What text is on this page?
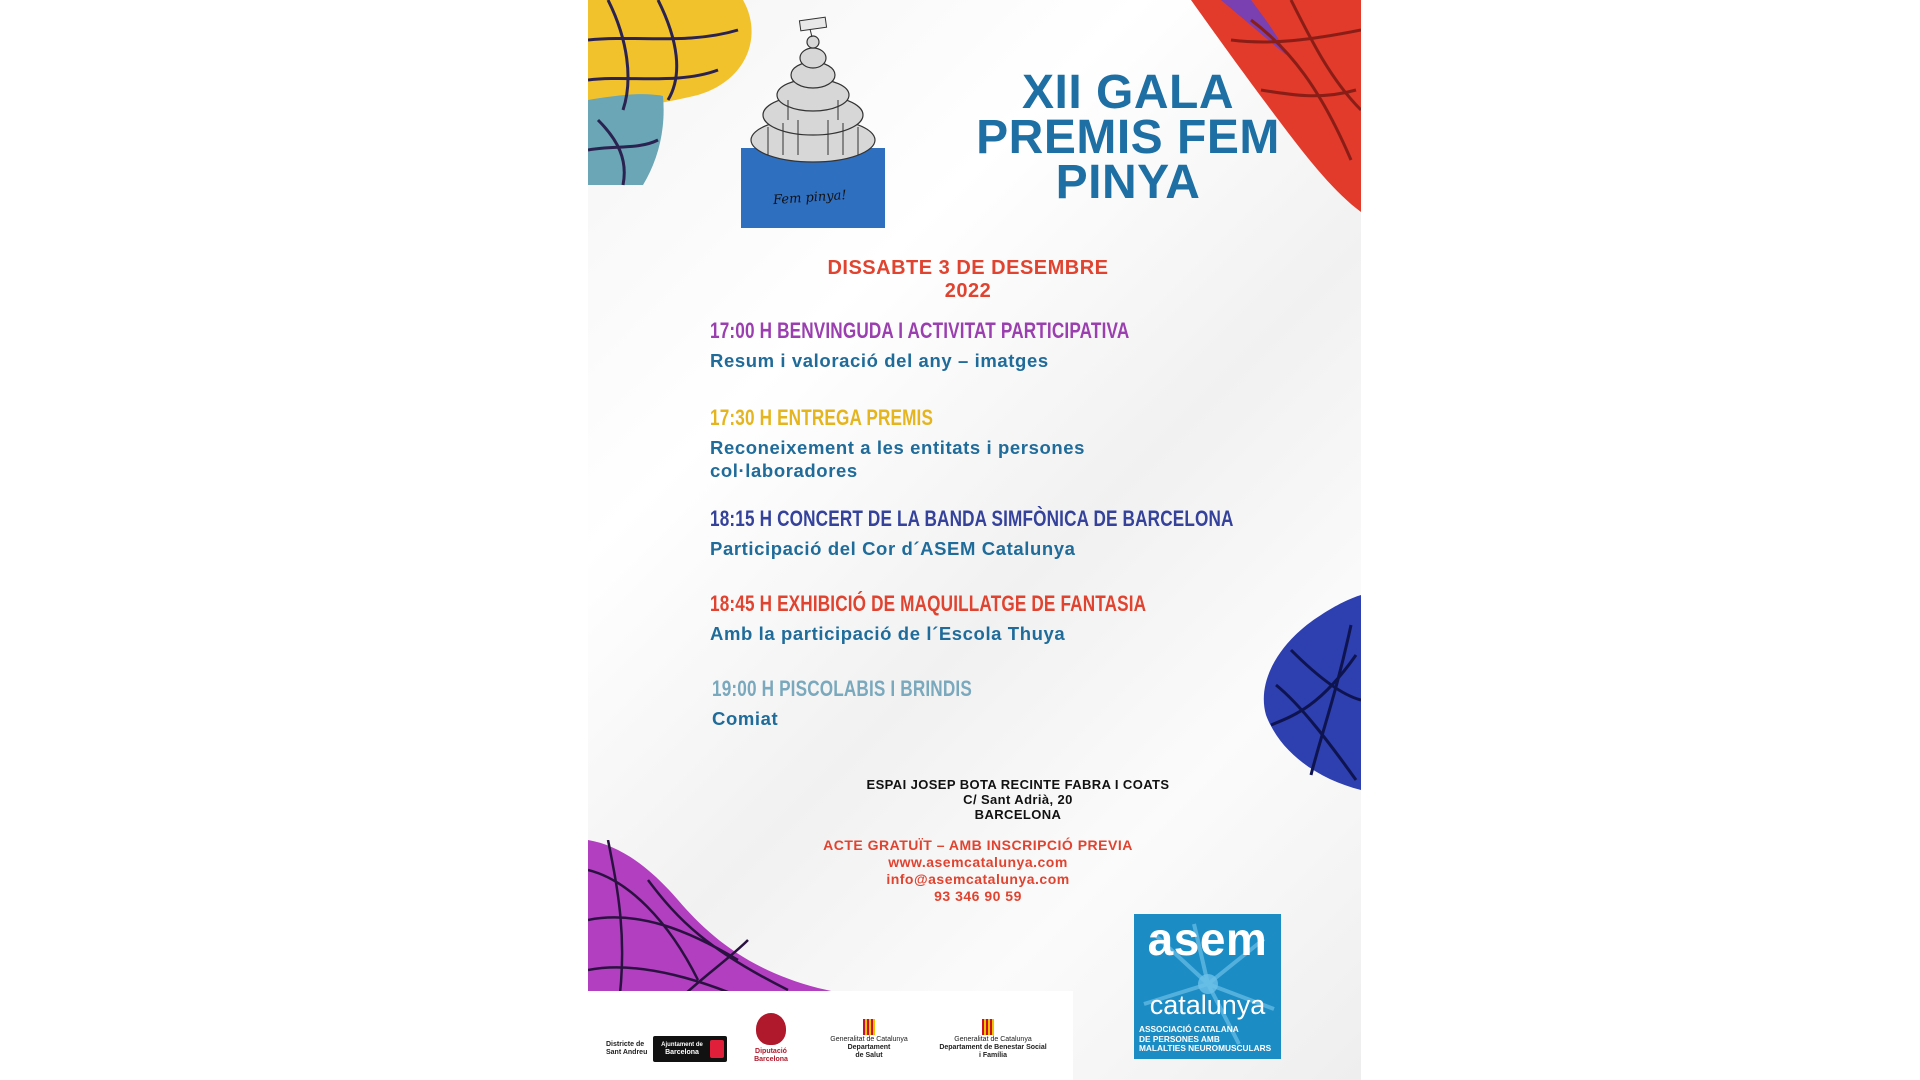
Fem pinya!
XII GALA
PREMIS FEM
PINYA
DISSABTE 3 DE DESEMBRE 2022
17:00 H BENVINGUDA I ACTIVITAT PARTICIPATIVA
Resum i valoració del any – imatges
17:30 H ENTREGA PREMIS
Reconeixement a les entitats i persones
col·laboradores
18:15 H CONCERT DE LA BANDA SIMFÒNICA DE BARCELONA
Participació del Cor d´ASEM Catalunya
18:45 H EXHIBICIÓ DE MAQUILLATGE DE FANTASIA
Amb la participació de l´Escola Thuya
19:00 H PISCOLABIS I BRINDIS
Comiat
ESPAI JOSEP BOTA RECINTE FABRA I COATS
C/ Sant Adrià, 20
BARCELONA
ACTE GRATUÏT – AMB INSCRIPCIÓ PREVIA
www.asemcatalunya.com
info@asemcatalunya.com
93 346 90 59
asem
catalunya
ASSOCIACIÓ CATALANA
DE PERSONES AMB
MALALTIES NEUROMUSCULARS
Districte de
Sant Andreu
Ajuntament de
Barcelona	Diputació
Barcelona
Generalitat de Catalunya
Departament
de Salut
Generalitat de Catalunya
Departament de Benestar Social
i Família
